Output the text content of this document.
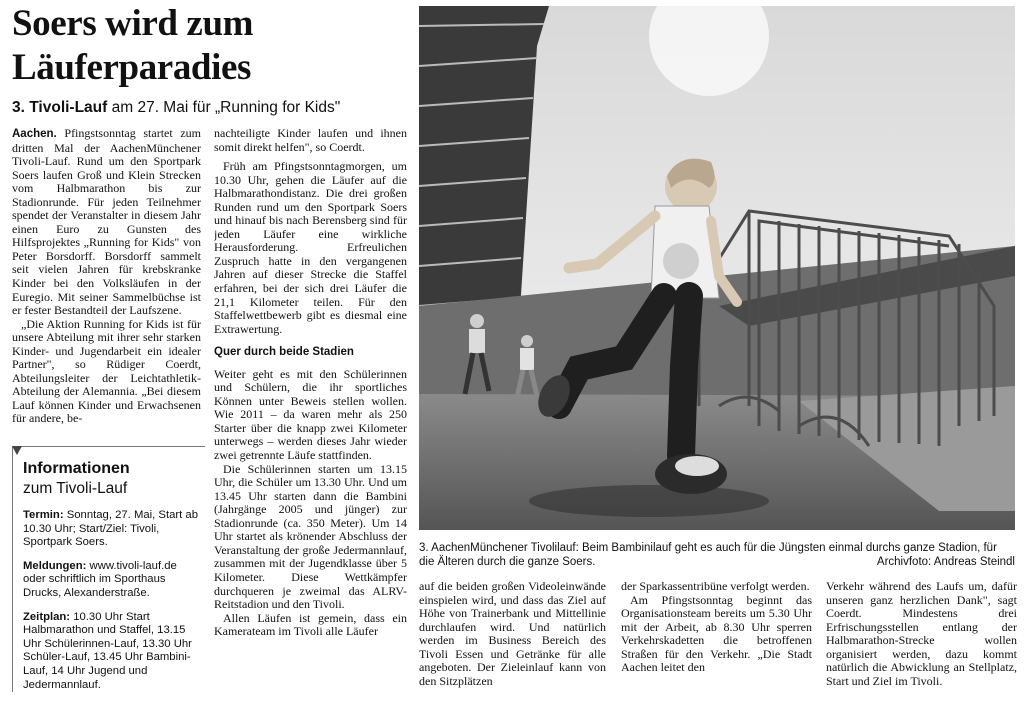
Soers wird zum
Läuferparadies
3. Tivoli-Lauf am 27. Mai für „Running for Kids"

Aachen. Pfingstsonntag startet zum dritten Mal der AachenMünchener Tivoli-Lauf. Rund um den Sportpark Soers laufen Groß und Klein Strecken vom Halbmarathon bis zur Stadionrunde. Für jeden Teilnehmer spendet der Veranstalter in diesem Jahr einen Euro zu Gunsten des Hilfsprojektes „Running for Kids" von Peter Borsdorff. Borsdorff sammelt seit vielen Jahren für krebskranke Kinder bei den Volksläufen in der Euregio. Mit seiner Sammelbüchse ist er fester Bestandteil der Laufszene.

„Die Aktion Running for Kids ist für unsere Abteilung mit ihrer sehr starken Kinder- und Jugendarbeit ein idealer Partner", so Rüdiger Coerdt, Abteilungsleiter der Leichtathletik-Abteilung der Alemannia. „Bei diesem Lauf können Kinder und Erwachsenen für andere, be-

Informationen
zum Tivoli-Lauf
Termin: Sonntag, 27. Mai, Start ab 10.30 Uhr; Start/Ziel: Tivoli, Sportpark Soers.
Meldungen: www.tivoli-lauf.de oder schriftlich im Sporthaus Drucks, Alexanderstraße.
Zeitplan: 10.30 Uhr Start Halbmarathon und Staffel, 13.15 Uhr Schülerinnen-Lauf, 13.30 Uhr Schüler-Lauf, 13.45 Uhr Bambini-Lauf, 14 Uhr Jugend und Jedermannlauf.

nachteiligte Kinder laufen und ihnen somit direkt helfen", so Coerdt.

Früh am Pfingstsonntagmorgen, um 10.30 Uhr, gehen die Läufer auf die Halbmarathondistanz. Die drei großen Runden rund um den Sportpark Soers und hinauf bis nach Berensberg sind für jeden Läufer eine wirkliche Herausforderung. Erfreulichen Zuspruch hatte in den vergangenen Jahren auf dieser Strecke die Staffel erfahren, bei der sich drei Läufer die 21,1 Kilometer teilen. Für den Staffelwettbewerb gibt es diesmal eine Extrawertung.

Quer durch beide Stadien

Weiter geht es mit den Schülerinnen und Schülern, die ihr sportliches Können unter Beweis stellen wollen. Wie 2011 – da waren mehr als 250 Starter über die knapp zwei Kilometer unterwegs – werden dieses Jahr wieder zwei getrennte Läufe stattfinden.

Die Schülerinnen starten um 13.15 Uhr, die Schüler um 13.30 Uhr. Und um 13.45 Uhr starten dann die Bambini (Jahrgänge 2005 und jünger) zur Stadionrunde (ca. 350 Meter). Um 14 Uhr startet als krönender Abschluss der Veranstaltung der große Jedermannlauf, zusammen mit der Jugendklasse über 5 Kilometer. Diese Wettkämpfer durchqueren je zweimal das ALRV-Reitstadion und den Tivoli.

Allen Läufen ist gemein, dass ein Kamerateam im Tivoli alle Läufer

3. AachenMünchener Tivolilauf: Beim Bambinilauf geht es auch für die Jüngsten einmal durchs ganze Stadion, für die Älteren durch die ganze Soers.	Archivfoto: Andreas Steindl

auf die beiden großen Videoleinwände einspielen wird, und dass das Ziel auf Höhe von Trainerbank und Mittellinie durchlaufen wird. Und natürlich werden im Business Bereich des Tivoli Essen und Getränke für alle angeboten. Der Zieleinlauf kann von den Sitzplätzen

der Sparkassentribüne verfolgt werden.

Am Pfingstsonntag beginnt das Organisationsteam bereits um 5.30 Uhr mit der Arbeit, ab 8.30 Uhr sperren Verkehrskadetten die betroffenen Straßen für den Verkehr. „Die Stadt Aachen leitet den

Verkehr während des Laufs um, dafür unseren ganz herzlichen Dank", sagt Coerdt. Mindestens drei Erfrischungsstellen entlang der Halbmarathon-Strecke wollen organisiert werden, dazu kommt natürlich die Abwicklung an Stellplatz, Start und Ziel im Tivoli.
